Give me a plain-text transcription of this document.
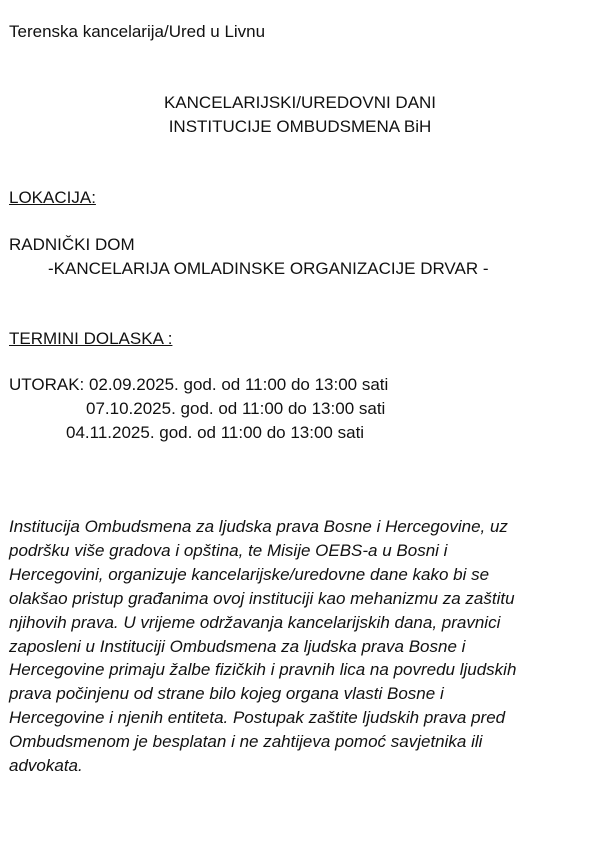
Terenska kancelarija/Ured u Livnu

KANCELARIJSKI/UREDOVNI DANI
INSTITUCIJE OMBUDSMENA BiH
LOKACIJA:
RADNIČKI DOM
-KANCELARIJA OMLADINSKE ORGANIZACIJE DRVAR -
TERMINI DOLASKA :
UTORAK: 02.09.2025. god. od 11:00 do 13:00 sati
07.10.2025. god. od 11:00 do 13:00 sati
04.11.2025. god. od 11:00 do 13:00 sati
Institucija Ombudsmena za ljudska prava Bosne i Hercegovine, uz
podršku više gradova i opština, te Misije OEBS-a u Bosni i
Hercegovini, organizuje kancelarijske/uredovne dane kako bi se
olakšao pristup građanima ovoj instituciji kao mehanizmu za zaštitu
njihovih prava. U vrijeme održavanja kancelarijskih dana, pravnici
zaposleni u Instituciji Ombudsmena za ljudska prava Bosne i
Hercegovine primaju žalbe fizičkih i pravnih lica na povredu ljudskih
prava počinjenu od strane bilo kojeg organa vlasti Bosne i
Hercegovine i njenih entiteta. Postupak zaštite ljudskih prava pred
Ombudsmenom je besplatan i ne zahtijeva pomoć savjetnika ili
advokata.
